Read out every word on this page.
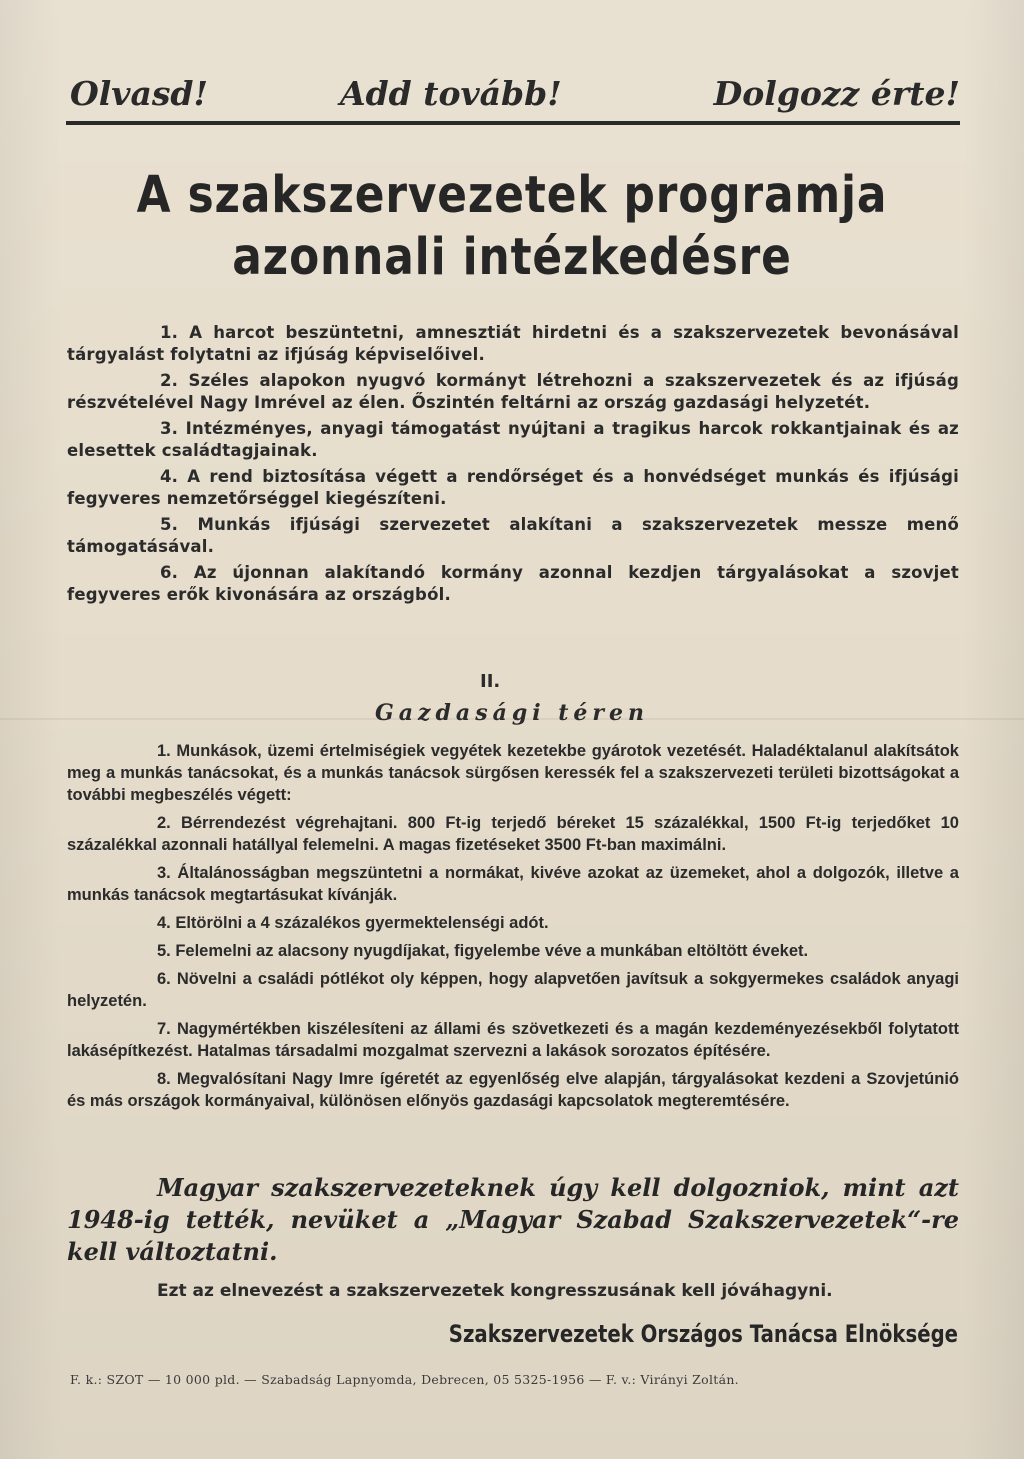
Olvasd!	Add tovább!	Dolgozz érte!
A szakszervezetek programja
azonnali intézkedésre

1. A harcot beszüntetni, amnesztiát hirdetni és a szakszervezetek bevonásával tárgyalást folytatni az ifjúság képviselőivel.

2. Széles alapokon nyugvó kormányt létrehozni a szakszervezetek és az ifjúság részvételével Nagy Imrével az élen. Őszintén feltárni az ország gazdasági helyzetét.

3. Intézményes, anyagi támogatást nyújtani a tragikus harcok rokkantjainak és az elesettek családtagjainak.

4. A rend biztosítása végett a rendőrséget és a honvédséget munkás és ifjúsági fegyveres nemzetőrséggel kiegészíteni.

5. Munkás ifjúsági szervezetet alakítani a szakszervezetek messze menő támogatásával.

6. Az újonnan alakítandó kormány azonnal kezdjen tárgyalásokat a szovjet fegyveres erők kivonására az országból.

II.
Gazdasági téren

1. Munkások, üzemi értelmiségiek vegyétek kezetekbe gyárotok vezetését. Haladéktalanul alakítsátok meg a munkás tanácsokat, és a munkás tanácsok sürgősen keressék fel a szakszervezeti területi bizottságokat a további megbeszélés végett:

2. Bérrendezést végrehajtani. 800 Ft-ig terjedő béreket 15 százalékkal, 1500 Ft-ig terjedőket 10 százalékkal azonnali hatállyal felemelni. A magas fizetéseket 3500 Ft-ban maximálni.

3. Általánosságban megszüntetni a normákat, kivéve azokat az üzemeket, ahol a dolgozók, illetve a munkás tanácsok megtartásukat kívánják.

4. Eltörölni a 4 százalékos gyermektelenségi adót.

5. Felemelni az alacsony nyugdíjakat, figyelembe véve a munkában eltöltött éveket.

6. Növelni a családi pótlékot oly képpen, hogy alapvetően javítsuk a sokgyermekes családok anyagi helyzetén.

7. Nagymértékben kiszélesíteni az állami és szövetkezeti és a magán kezdeményezésekből folytatott lakásépítkezést. Hatalmas társadalmi mozgalmat szervezni a lakások sorozatos építésére.

8. Megvalósítani Nagy Imre ígéretét az egyenlőség elve alapján, tárgyalásokat kezdeni a Szovjetúnió és más országok kormányaival, különösen előnyös gazdasági kapcsolatok megteremtésére.

Magyar szakszervezeteknek úgy kell dolgozniok, mint azt 1948-ig tették, nevüket a „Magyar Szabad Szakszervezetek“-re kell változtatni.

Ezt az elnevezést a szakszervezetek kongresszusának kell jóváhagyni.

Szakszervezetek Országos Tanácsa Elnöksége
F. k.: SZOT — 10 000 pld. — Szabadság Lapnyomda, Debrecen, 05 5325-1956 — F. v.: Virányi Zoltán.
